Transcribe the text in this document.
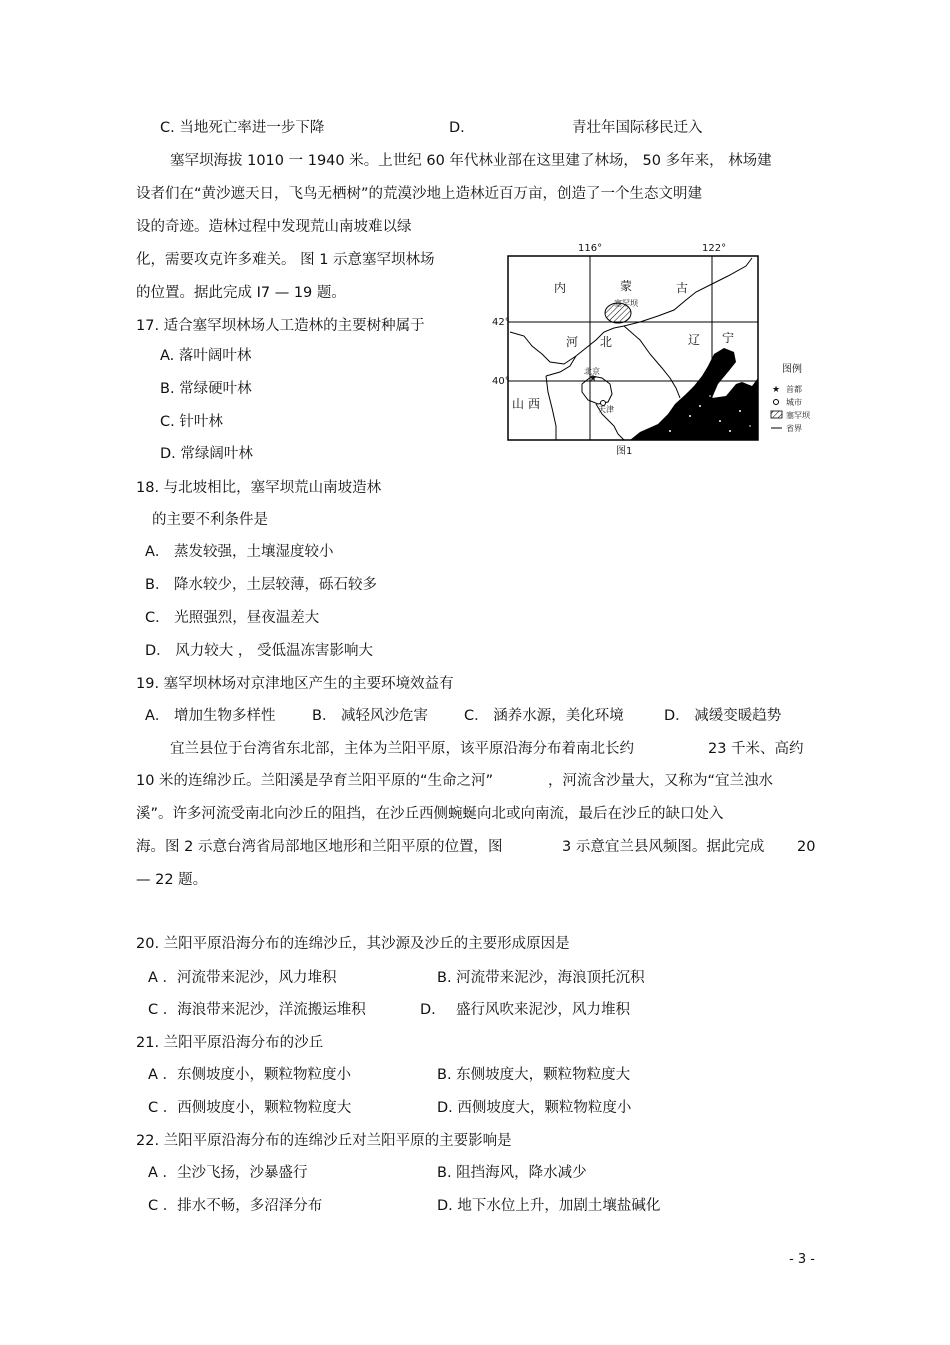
C. 当地死亡率进一步下降	D.	青壮年国际移民迁入
塞罕坝海拔 1010 一 1940 米。上世纪 60 年代林业部在这里建了林场， 50 多年来， 林场建
设者们在“黄沙遮天日，飞鸟无栖树”的荒漠沙地上造林近百万亩，创造了一个生态文明建
设的奇迹。造林过程中发现荒山南坡难以绿
化，需要攻克许多难关。 图 1 示意塞罕坝林场
的位置。据此完成 I7 — 19 题。
17. 适合塞罕坝林场人工造林的主要树种属于
A. 落叶阔叶林
B. 常绿硬叶林
C. 针叶林
D. 常绿阔叶林
18. 与北坡相比，塞罕坝荒山南坡造林
的主要不利条件是
A． 蒸发较强，土壤湿度较小
B． 降水较少，土层较薄，砾石较多
C． 光照强烈，昼夜温差大
D． 风力较大 ， 受低温冻害影响大
19. 塞罕坝林场对京津地区产生的主要环境效益有
A． 增加生物多样性	B． 减轻风沙危害 C． 涵养水源，美化环境	D． 减缓变暖趋势
宜兰县位于台湾省东北部，主体为兰阳平原，该平原沿海分布着南北长约	23 千米、高约
10 米的连绵沙丘。兰阳溪是孕育兰阳平原的“生命之河”	，河流含沙量大，又称为“宜兰浊水
溪”。许多河流受南北向沙丘的阻挡，在沙丘西侧蜿蜒向北或向南流，最后在沙丘的缺口处入
海。图 2 示意台湾省局部地区地形和兰阳平原的位置，图	3 示意宜兰县风频图。据此完成 20
— 22 题。
20. 兰阳平原沿海分布的连绵沙丘，其沙源及沙丘的主要形成原因是
A ．河流带来泥沙，风力堆积	B. 河流带来泥沙，海浪顶托沉积
C ．海浪带来泥沙，洋流搬运堆积	D. 盛行风吹来泥沙，风力堆积
21. 兰阳平原沿海分布的沙丘
A ．东侧坡度小，颗粒物粒度小	B. 东侧坡度大，颗粒物粒度大
C ．西侧坡度小，颗粒物粒度大	D. 西侧坡度大，颗粒物粒度小
22. 兰阳平原沿海分布的连绵沙丘对兰阳平原的主要影响是
A ．尘沙飞扬，沙暴盛行	B. 阻挡海风，降水减少
C ．排水不畅，多沼泽分布	D. 地下水位上升，加剧土壤盐碱化
116°	122°
42°
40°
内	蒙	古
河 北	辽 宁
山 西
塞罕坝
★
北京
天津
图例
★ 首都
城市
塞罕坝
省界
图1
- 3 -
